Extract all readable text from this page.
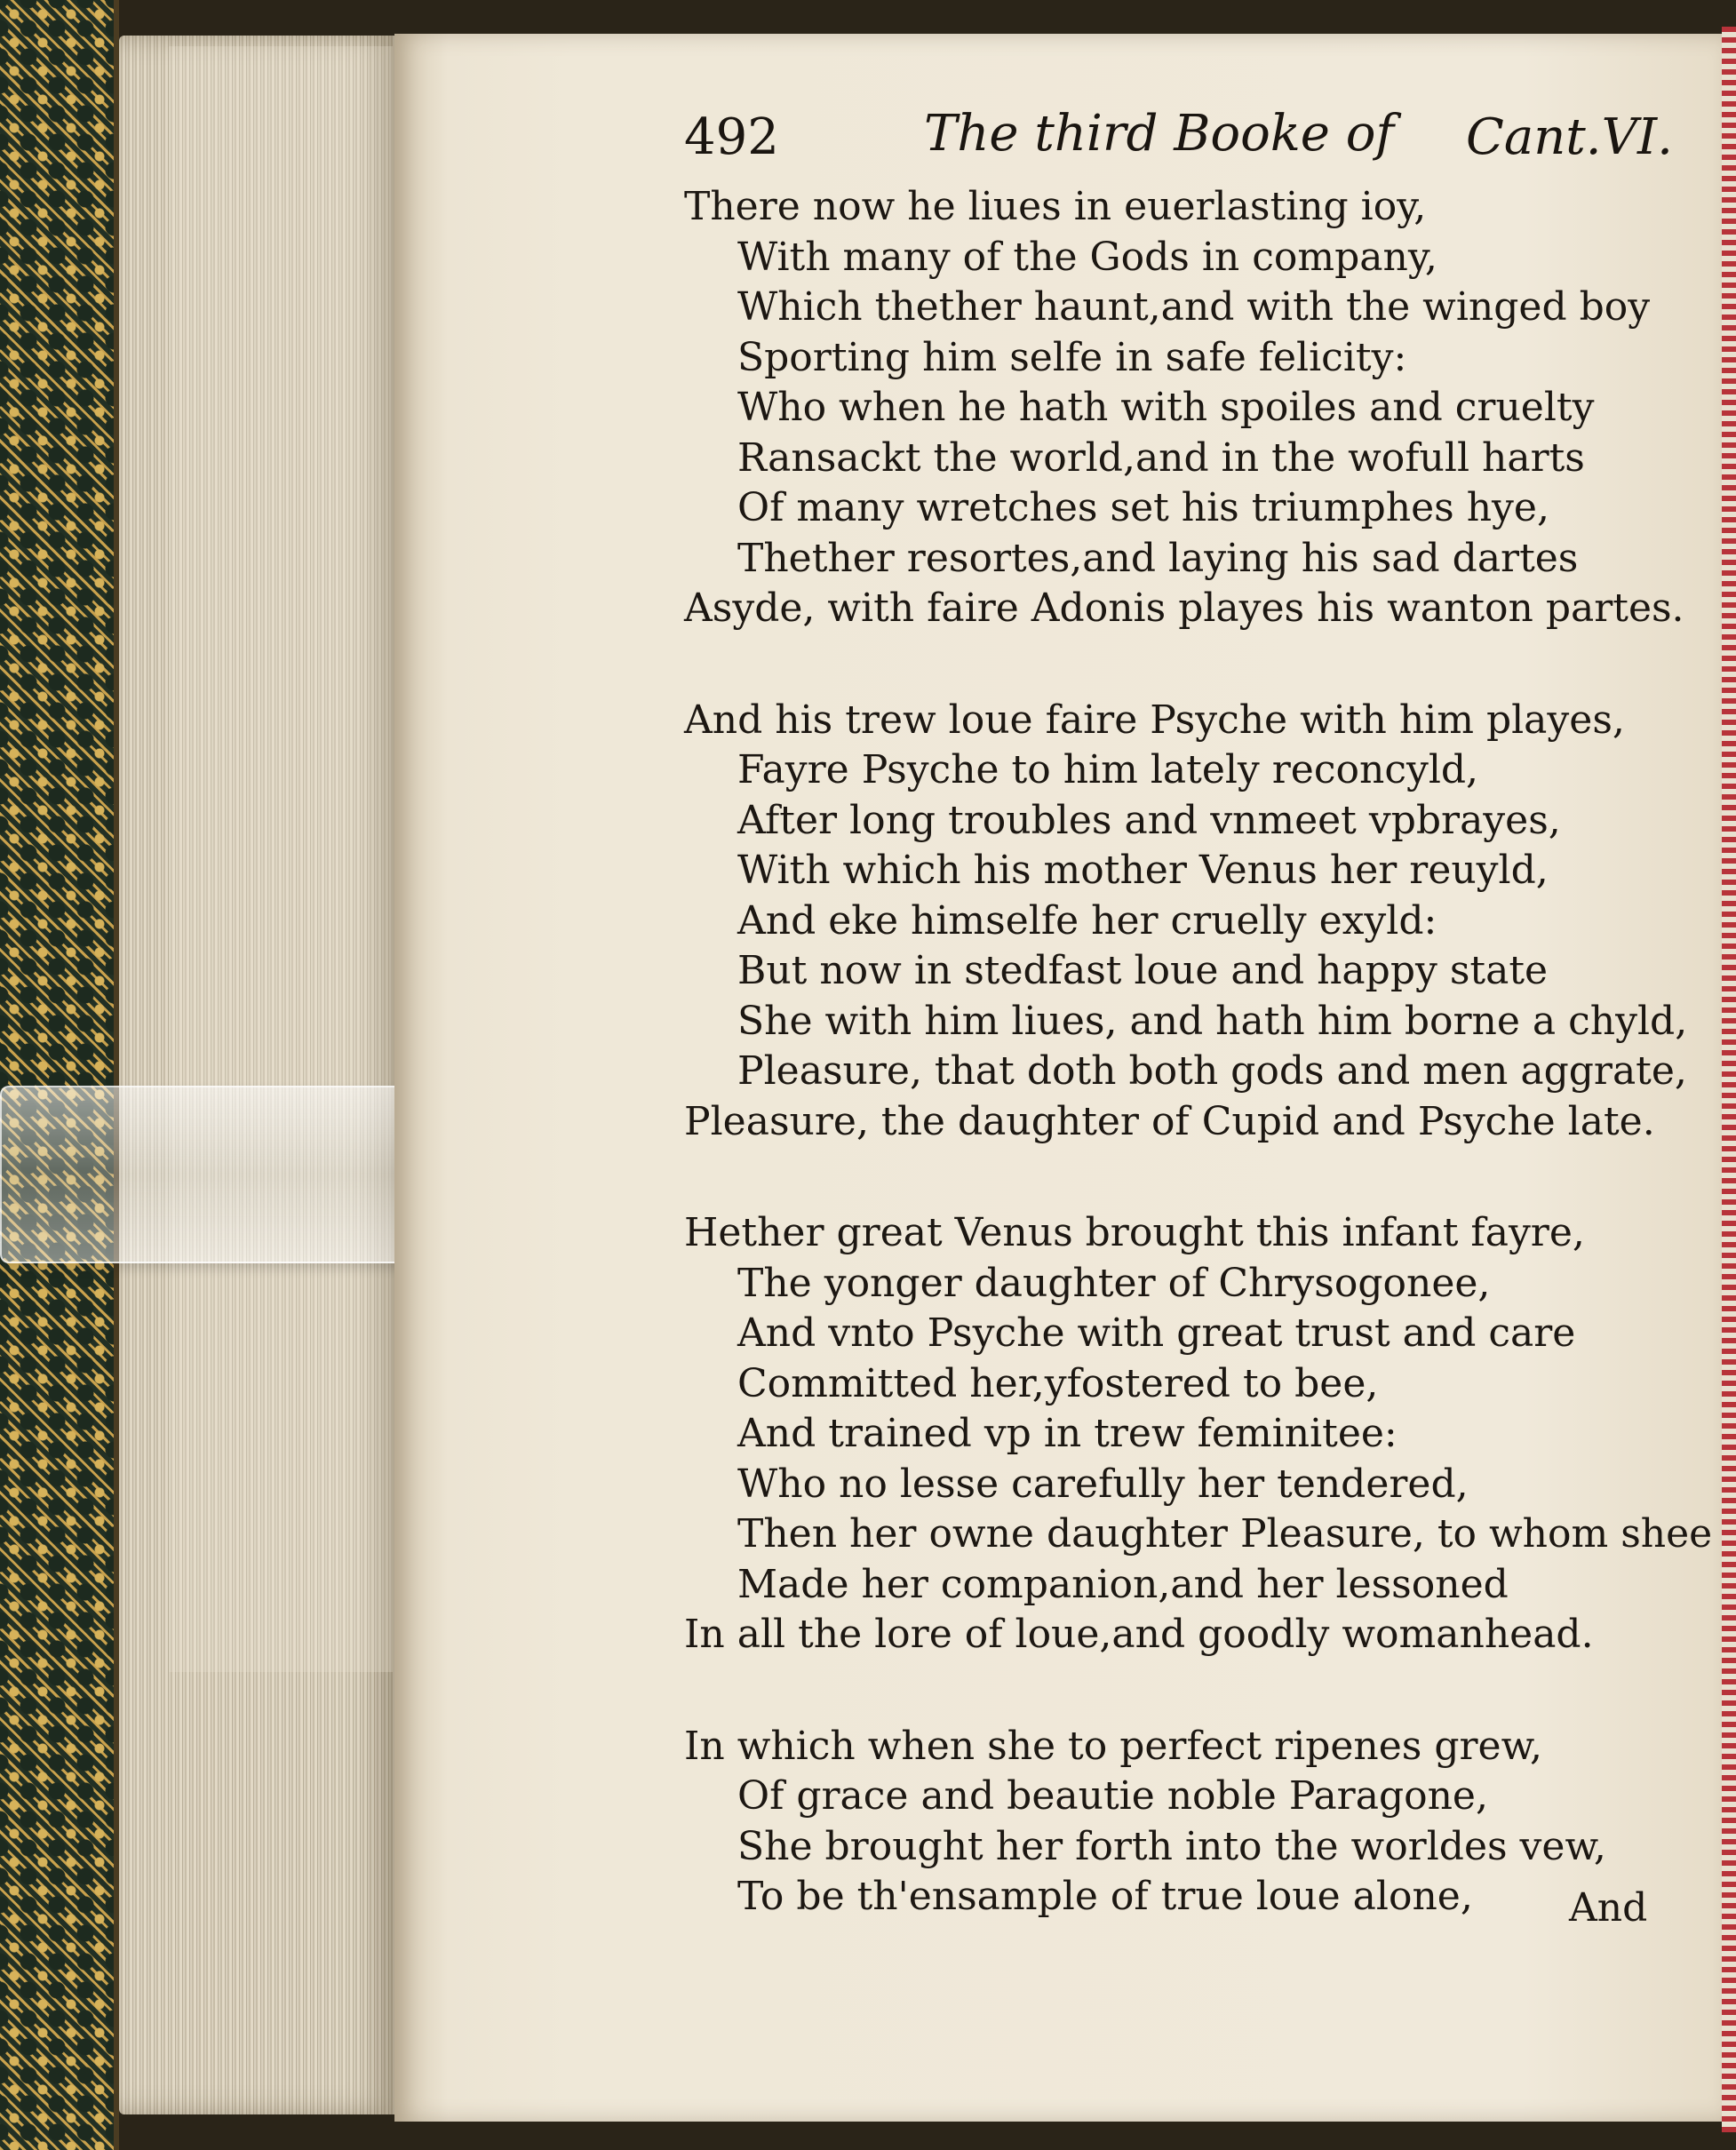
492	The third Booke of Cant.VI.
There now he liues in euerlasting ioy,
With many of the Gods in company,
Which thether haunt,and with the winged boy
Sporting him selfe in safe felicity:
Who when he hath with spoiles and cruelty
Ransackt the world,and in the wofull harts
Of many wretches set his triumphes hye,
Thether resortes,and laying his sad dartes
Asyde, with faire Adonis playes his wanton partes.
And his trew loue faire Psyche with him playes,
Fayre Psyche to him lately reconcyld,
After long troubles and vnmeet vpbrayes,
With which his mother Venus her reuyld,
And eke himselfe her cruelly exyld:
But now in stedfast loue and happy state
She with him liues, and hath him borne a chyld,
Pleasure, that doth both gods and men aggrate,
Pleasure, the daughter of Cupid and Psyche late.
Hether great Venus brought this infant fayre,
The yonger daughter of Chrysogonee,
And vnto Psyche with great trust and care
Committed her,yfostered to bee,
And trained vp in trew feminitee:
Who no lesse carefully her tendered,
Then her owne daughter Pleasure, to whom shee
Made her companion,and her lessoned
In all the lore of loue,and goodly womanhead.
In which when she to perfect ripenes grew,
Of grace and beautie noble Paragone,
She brought her forth into the worldes vew,
To be th'ensample of true loue alone,	And
